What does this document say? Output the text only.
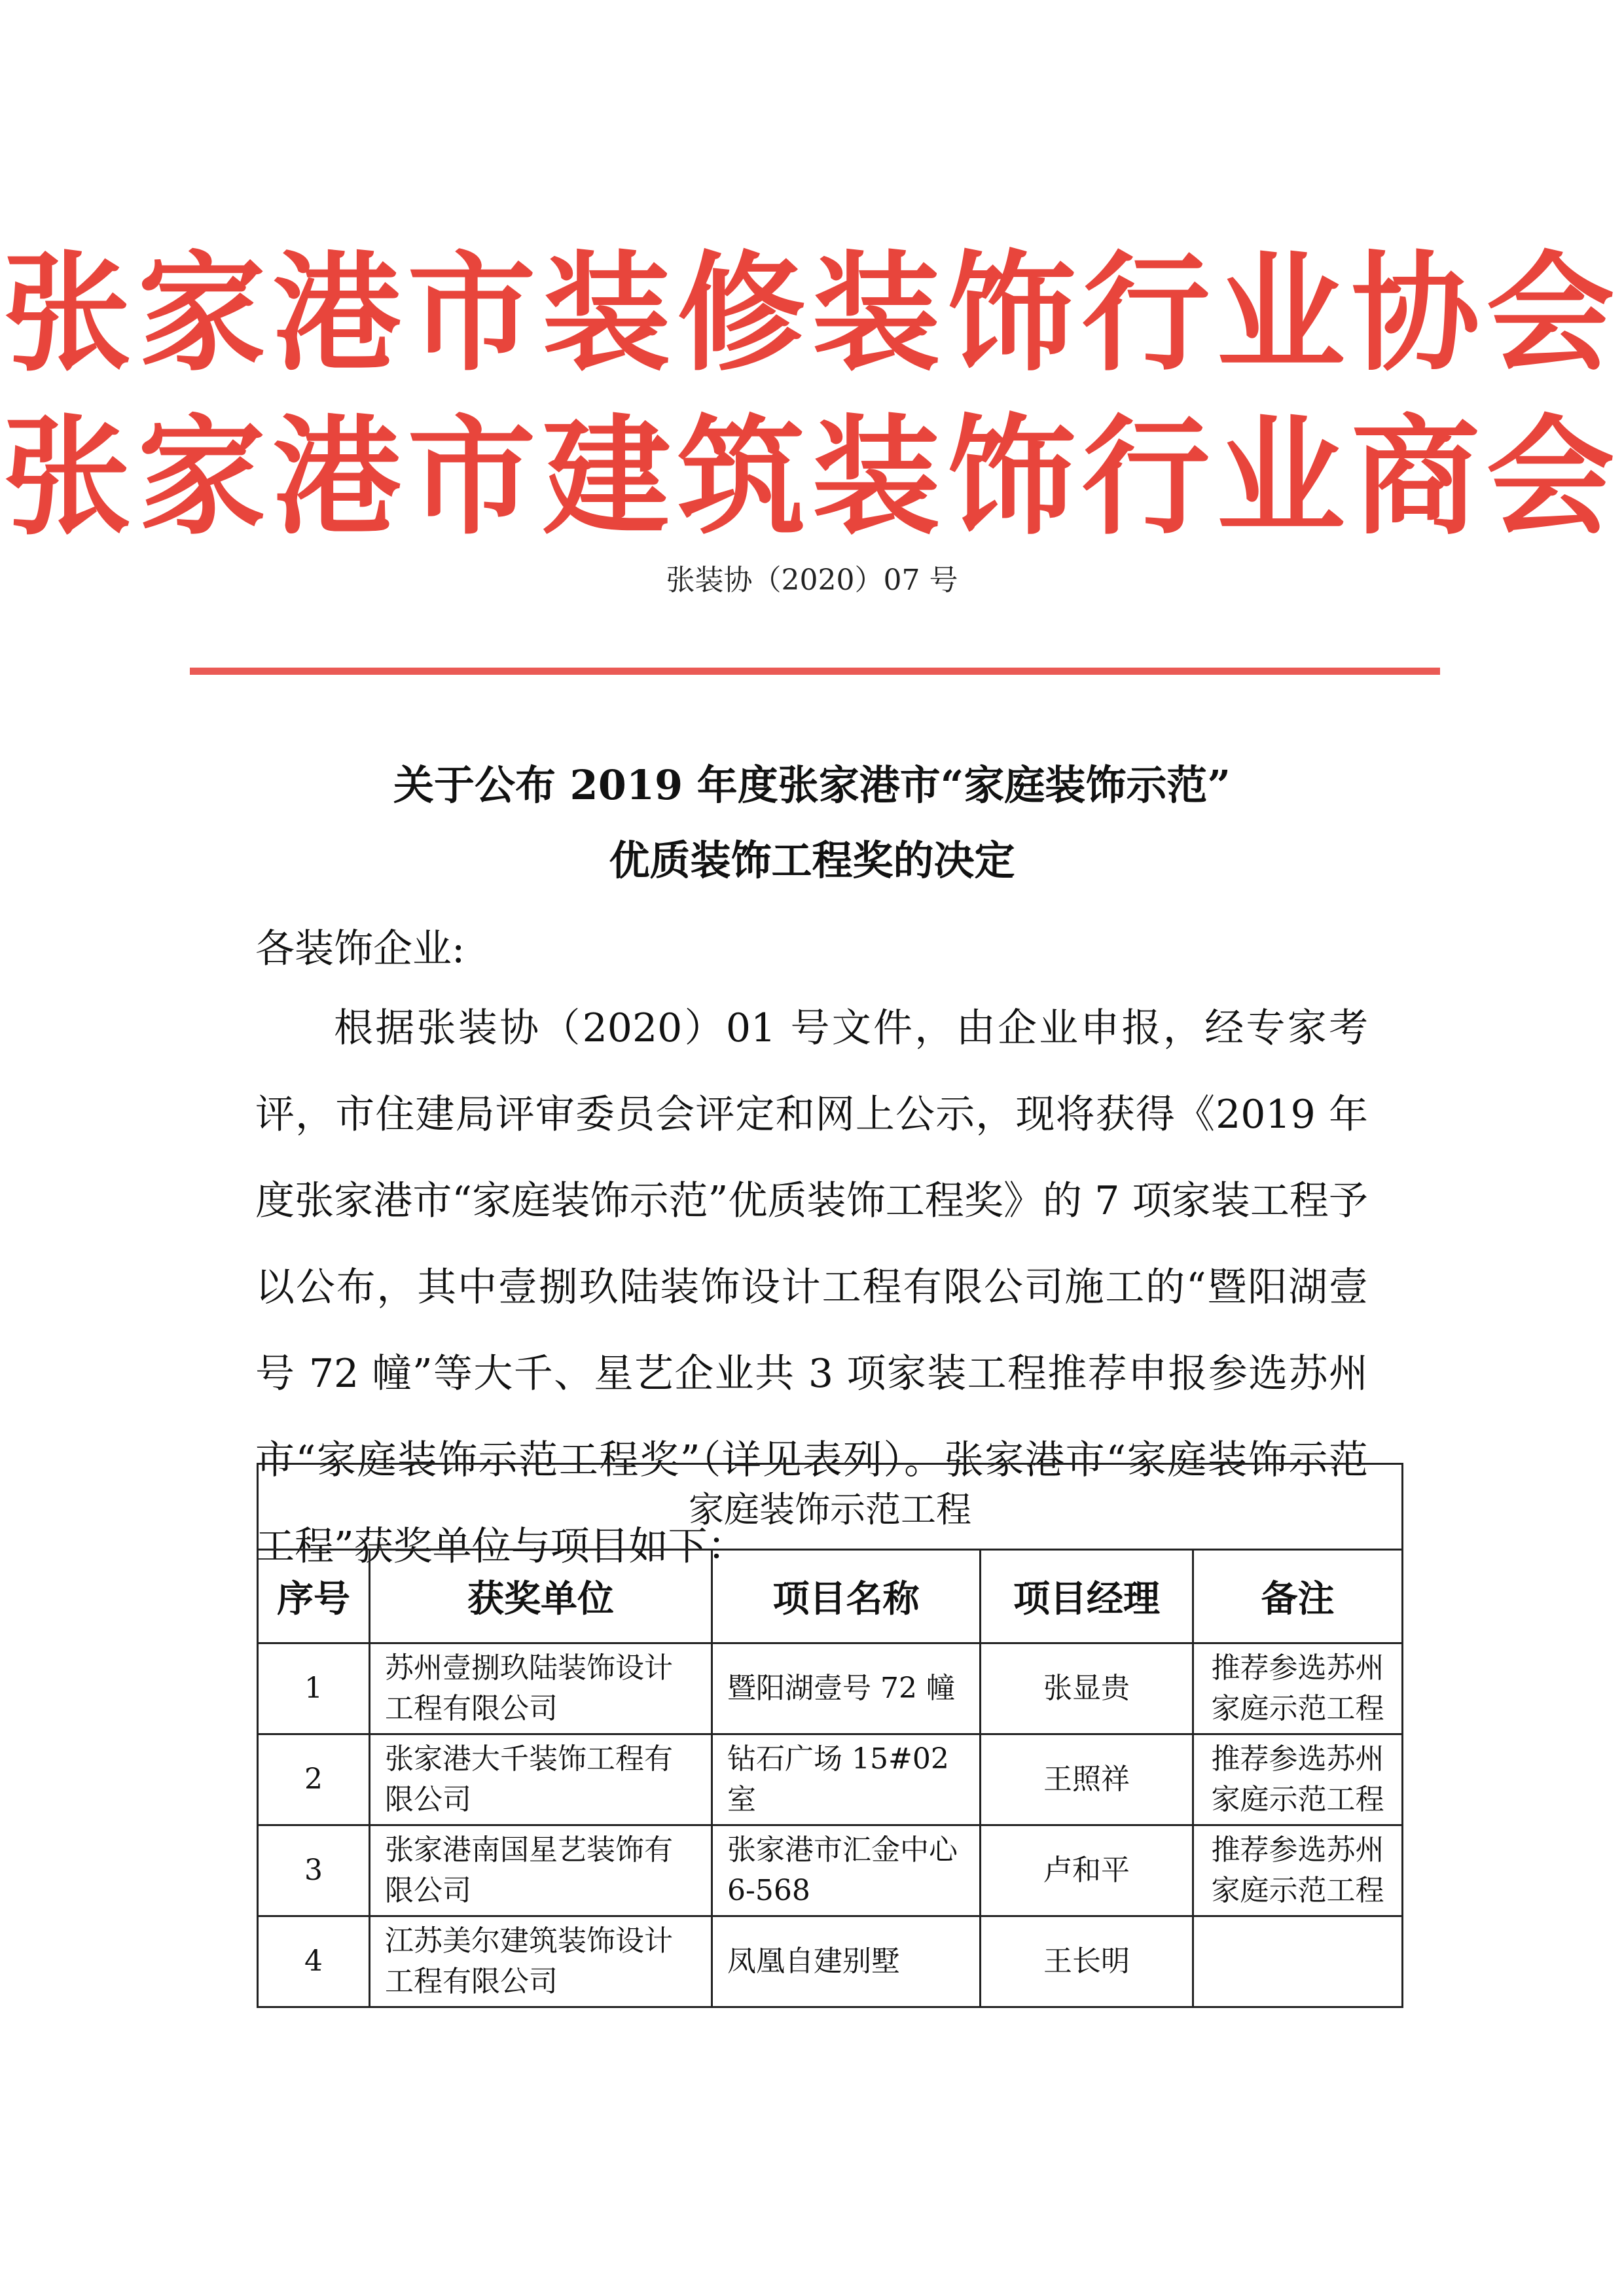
张家港市装修装饰行业协会
张家港市建筑装饰行业商会
张装协（2020）07 号
关于公布 2019 年度张家港市“家庭装饰示范”
优质装饰工程奖的决定
各装饰企业:

根据张装协（2020）01 号文件，由企业申报，经专家考评，市住建局评审委员会评定和网上公示，现将获得《2019 年度张家港市“家庭装饰示范”优质装饰工程奖》的 7 项家装工程予以公布，其中壹捌玖陆装饰设计工程有限公司施工的“暨阳湖壹号 72 幢”等大千、星艺企业共 3 项家装工程推荐申报参选苏州市“家庭装饰示范工程奖”（详见表列）。张家港市“家庭装饰示范工程”获奖单位与项目如下：

家庭装饰示范工程				
序号	获奖单位	项目名称	项目经理	备注
1	苏州壹捌玖陆装饰设计工程有限公司	暨阳湖壹号 72 幢	张显贵	推荐参选苏州家庭示范工程
2	张家港大千装饰工程有限公司	钻石广场 15#02 室	王照祥	推荐参选苏州家庭示范工程
3	张家港南国星艺装饰有限公司	张家港市汇金中心 6-568	卢和平	推荐参选苏州家庭示范工程
4	江苏美尔建筑装饰设计工程有限公司	凤凰自建别墅	王长明	
